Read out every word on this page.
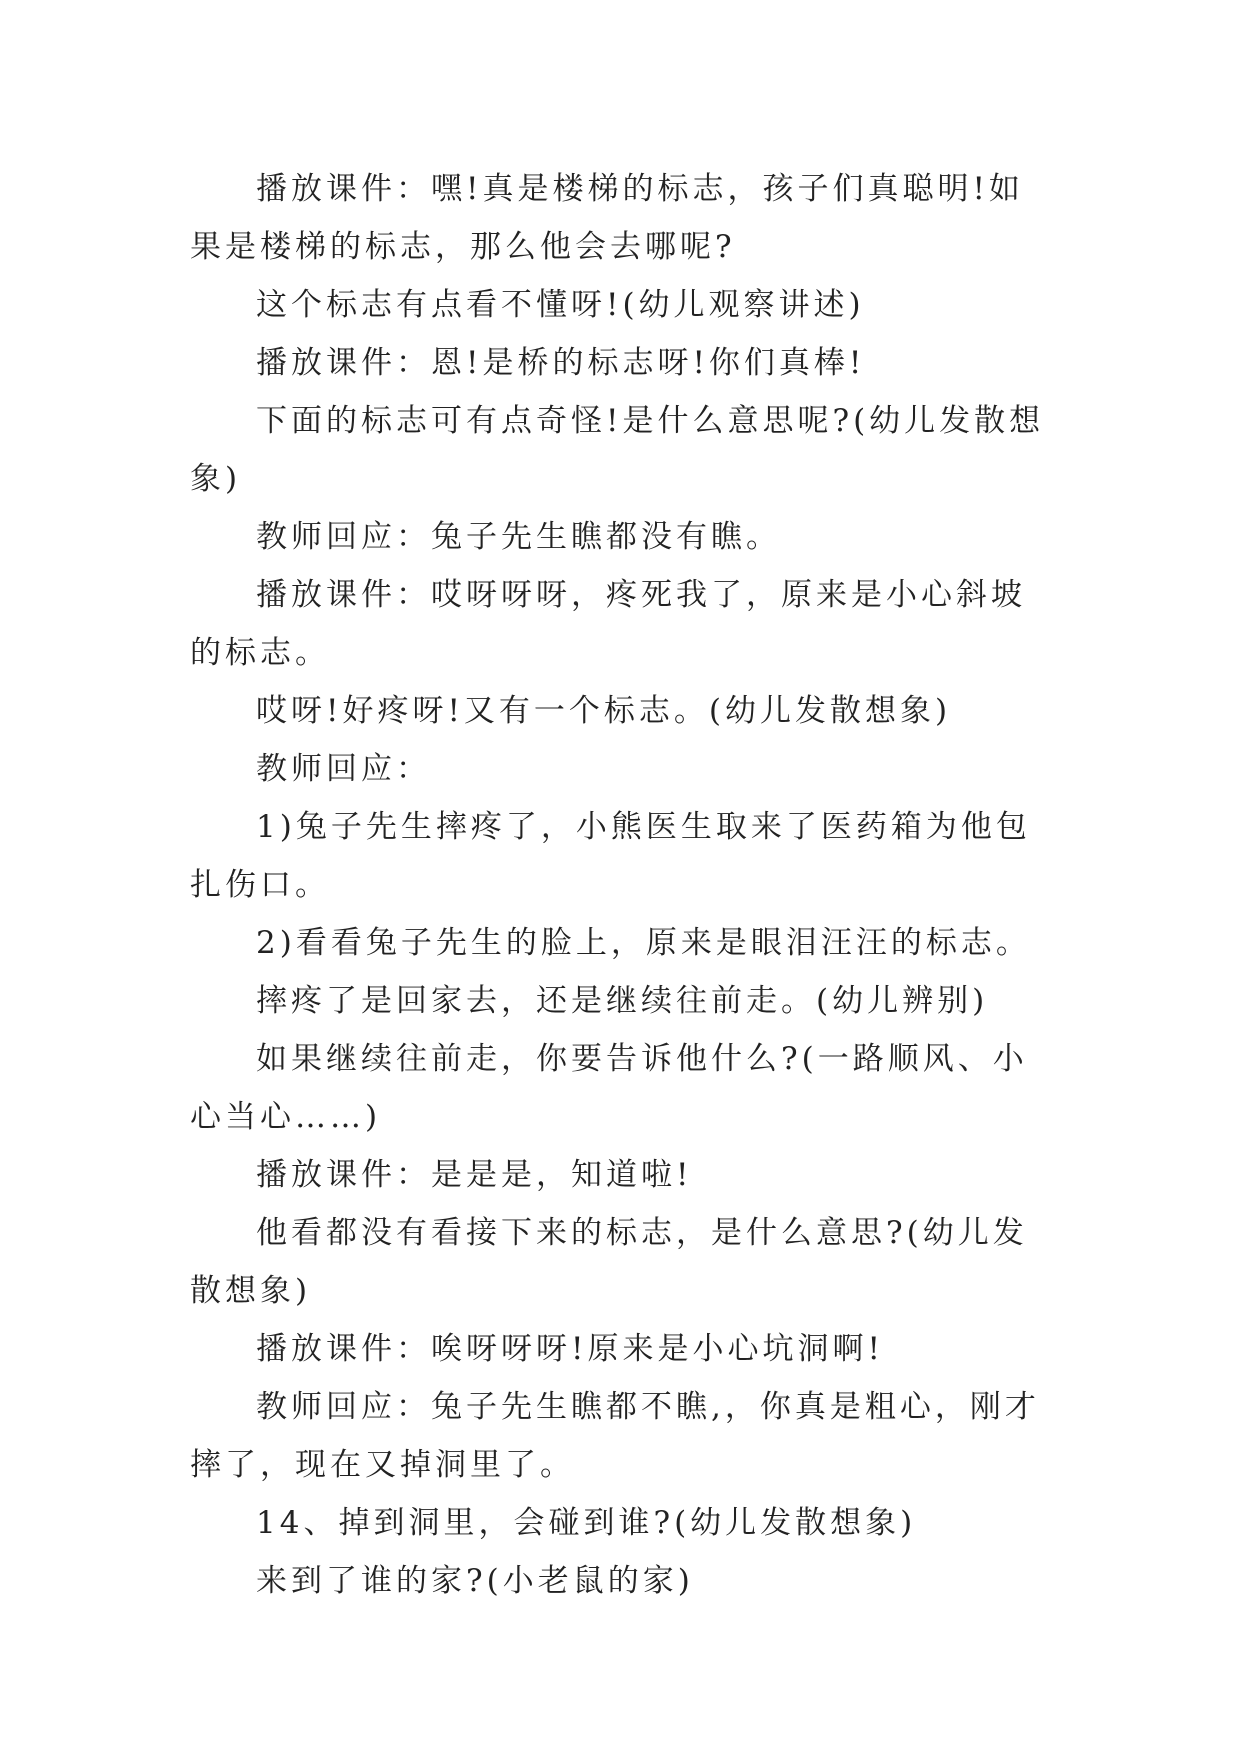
播放课件：嘿!真是楼梯的标志，孩子们真聪明!如果是楼梯的标志，那么他会去哪呢?

这个标志有点看不懂呀!(幼儿观察讲述)

播放课件：恩!是桥的标志呀!你们真棒!

下面的标志可有点奇怪!是什么意思呢?(幼儿发散想象)

教师回应：兔子先生瞧都没有瞧。

播放课件：哎呀呀呀，疼死我了，原来是小心斜坡的标志。

哎呀!好疼呀!又有一个标志。(幼儿发散想象)

教师回应：

1)兔子先生摔疼了，小熊医生取来了医药箱为他包扎伤口。

2)看看兔子先生的脸上，原来是眼泪汪汪的标志。

摔疼了是回家去，还是继续往前走。(幼儿辨别)

如果继续往前走，你要告诉他什么?(一路顺风、小心当心……)

播放课件：是是是，知道啦!

他看都没有看接下来的标志，是什么意思?(幼儿发散想象)

播放课件：唉呀呀呀!原来是小心坑洞啊!

教师回应：兔子先生瞧都不瞧,，你真是粗心，刚才摔了，现在又掉洞里了。

14、掉到洞里，会碰到谁?(幼儿发散想象)

来到了谁的家?(小老鼠的家)
